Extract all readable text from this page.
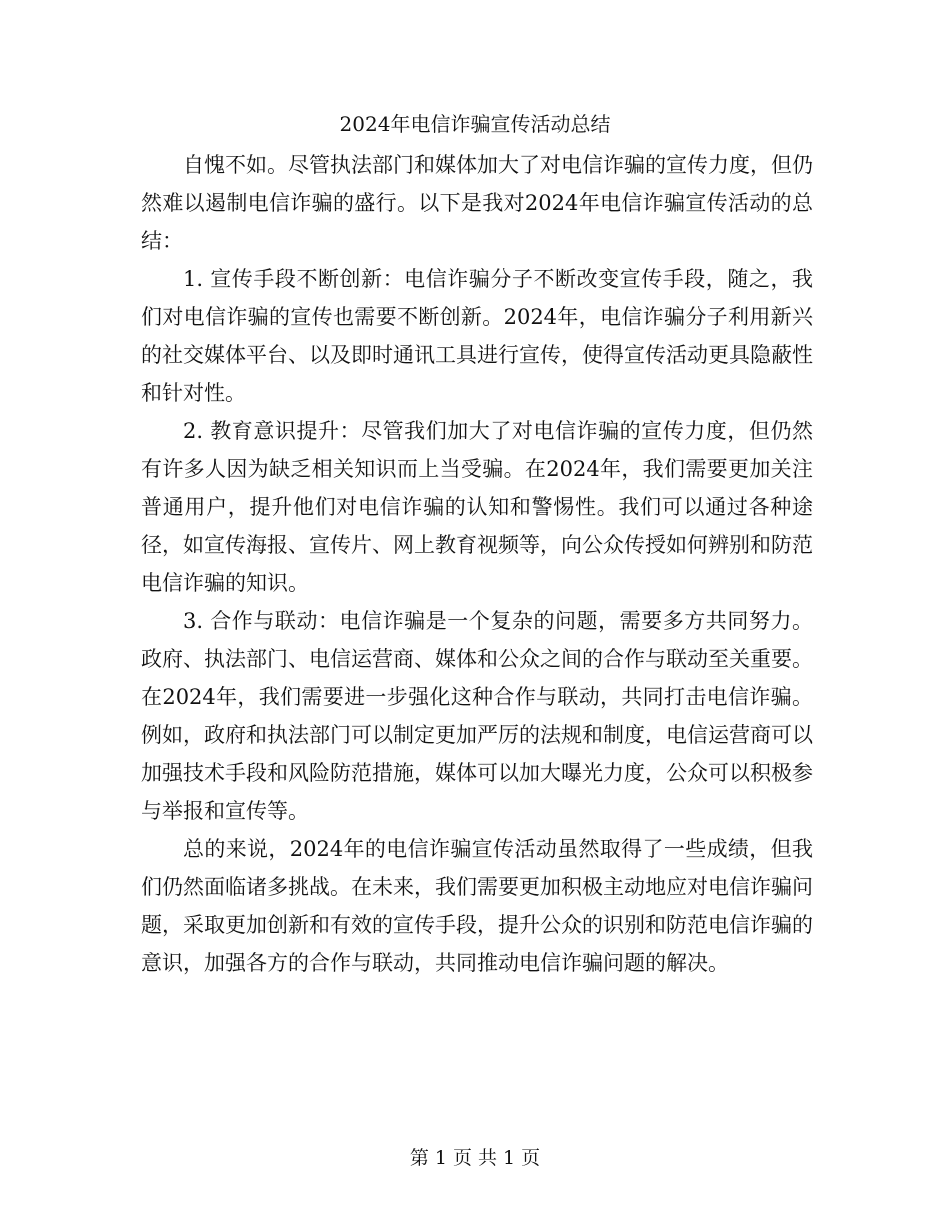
2024年电信诈骗宣传活动总结

自愧不如。尽管执法部门和媒体加大了对电信诈骗的宣传力度，但仍然难以遏制电信诈骗的盛行。以下是我对2024年电信诈骗宣传活动的总结：

1. 宣传手段不断创新：电信诈骗分子不断改变宣传手段，随之，我们对电信诈骗的宣传也需要不断创新。2024年，电信诈骗分子利用新兴的社交媒体平台、以及即时通讯工具进行宣传，使得宣传活动更具隐蔽性和针对性。

2. 教育意识提升：尽管我们加大了对电信诈骗的宣传力度，但仍然有许多人因为缺乏相关知识而上当受骗。在2024年，我们需要更加关注普通用户，提升他们对电信诈骗的认知和警惕性。我们可以通过各种途径，如宣传海报、宣传片、网上教育视频等，向公众传授如何辨别和防范电信诈骗的知识。

3. 合作与联动：电信诈骗是一个复杂的问题，需要多方共同努力。政府、执法部门、电信运营商、媒体和公众之间的合作与联动至关重要。在2024年，我们需要进一步强化这种合作与联动，共同打击电信诈骗。例如，政府和执法部门可以制定更加严厉的法规和制度，电信运营商可以加强技术手段和风险防范措施，媒体可以加大曝光力度，公众可以积极参与举报和宣传等。

总的来说，2024年的电信诈骗宣传活动虽然取得了一些成绩，但我们仍然面临诸多挑战。在未来，我们需要更加积极主动地应对电信诈骗问题，采取更加创新和有效的宣传手段，提升公众的识别和防范电信诈骗的意识，加强各方的合作与联动，共同推动电信诈骗问题的解决。

第 1 页 共 1 页
